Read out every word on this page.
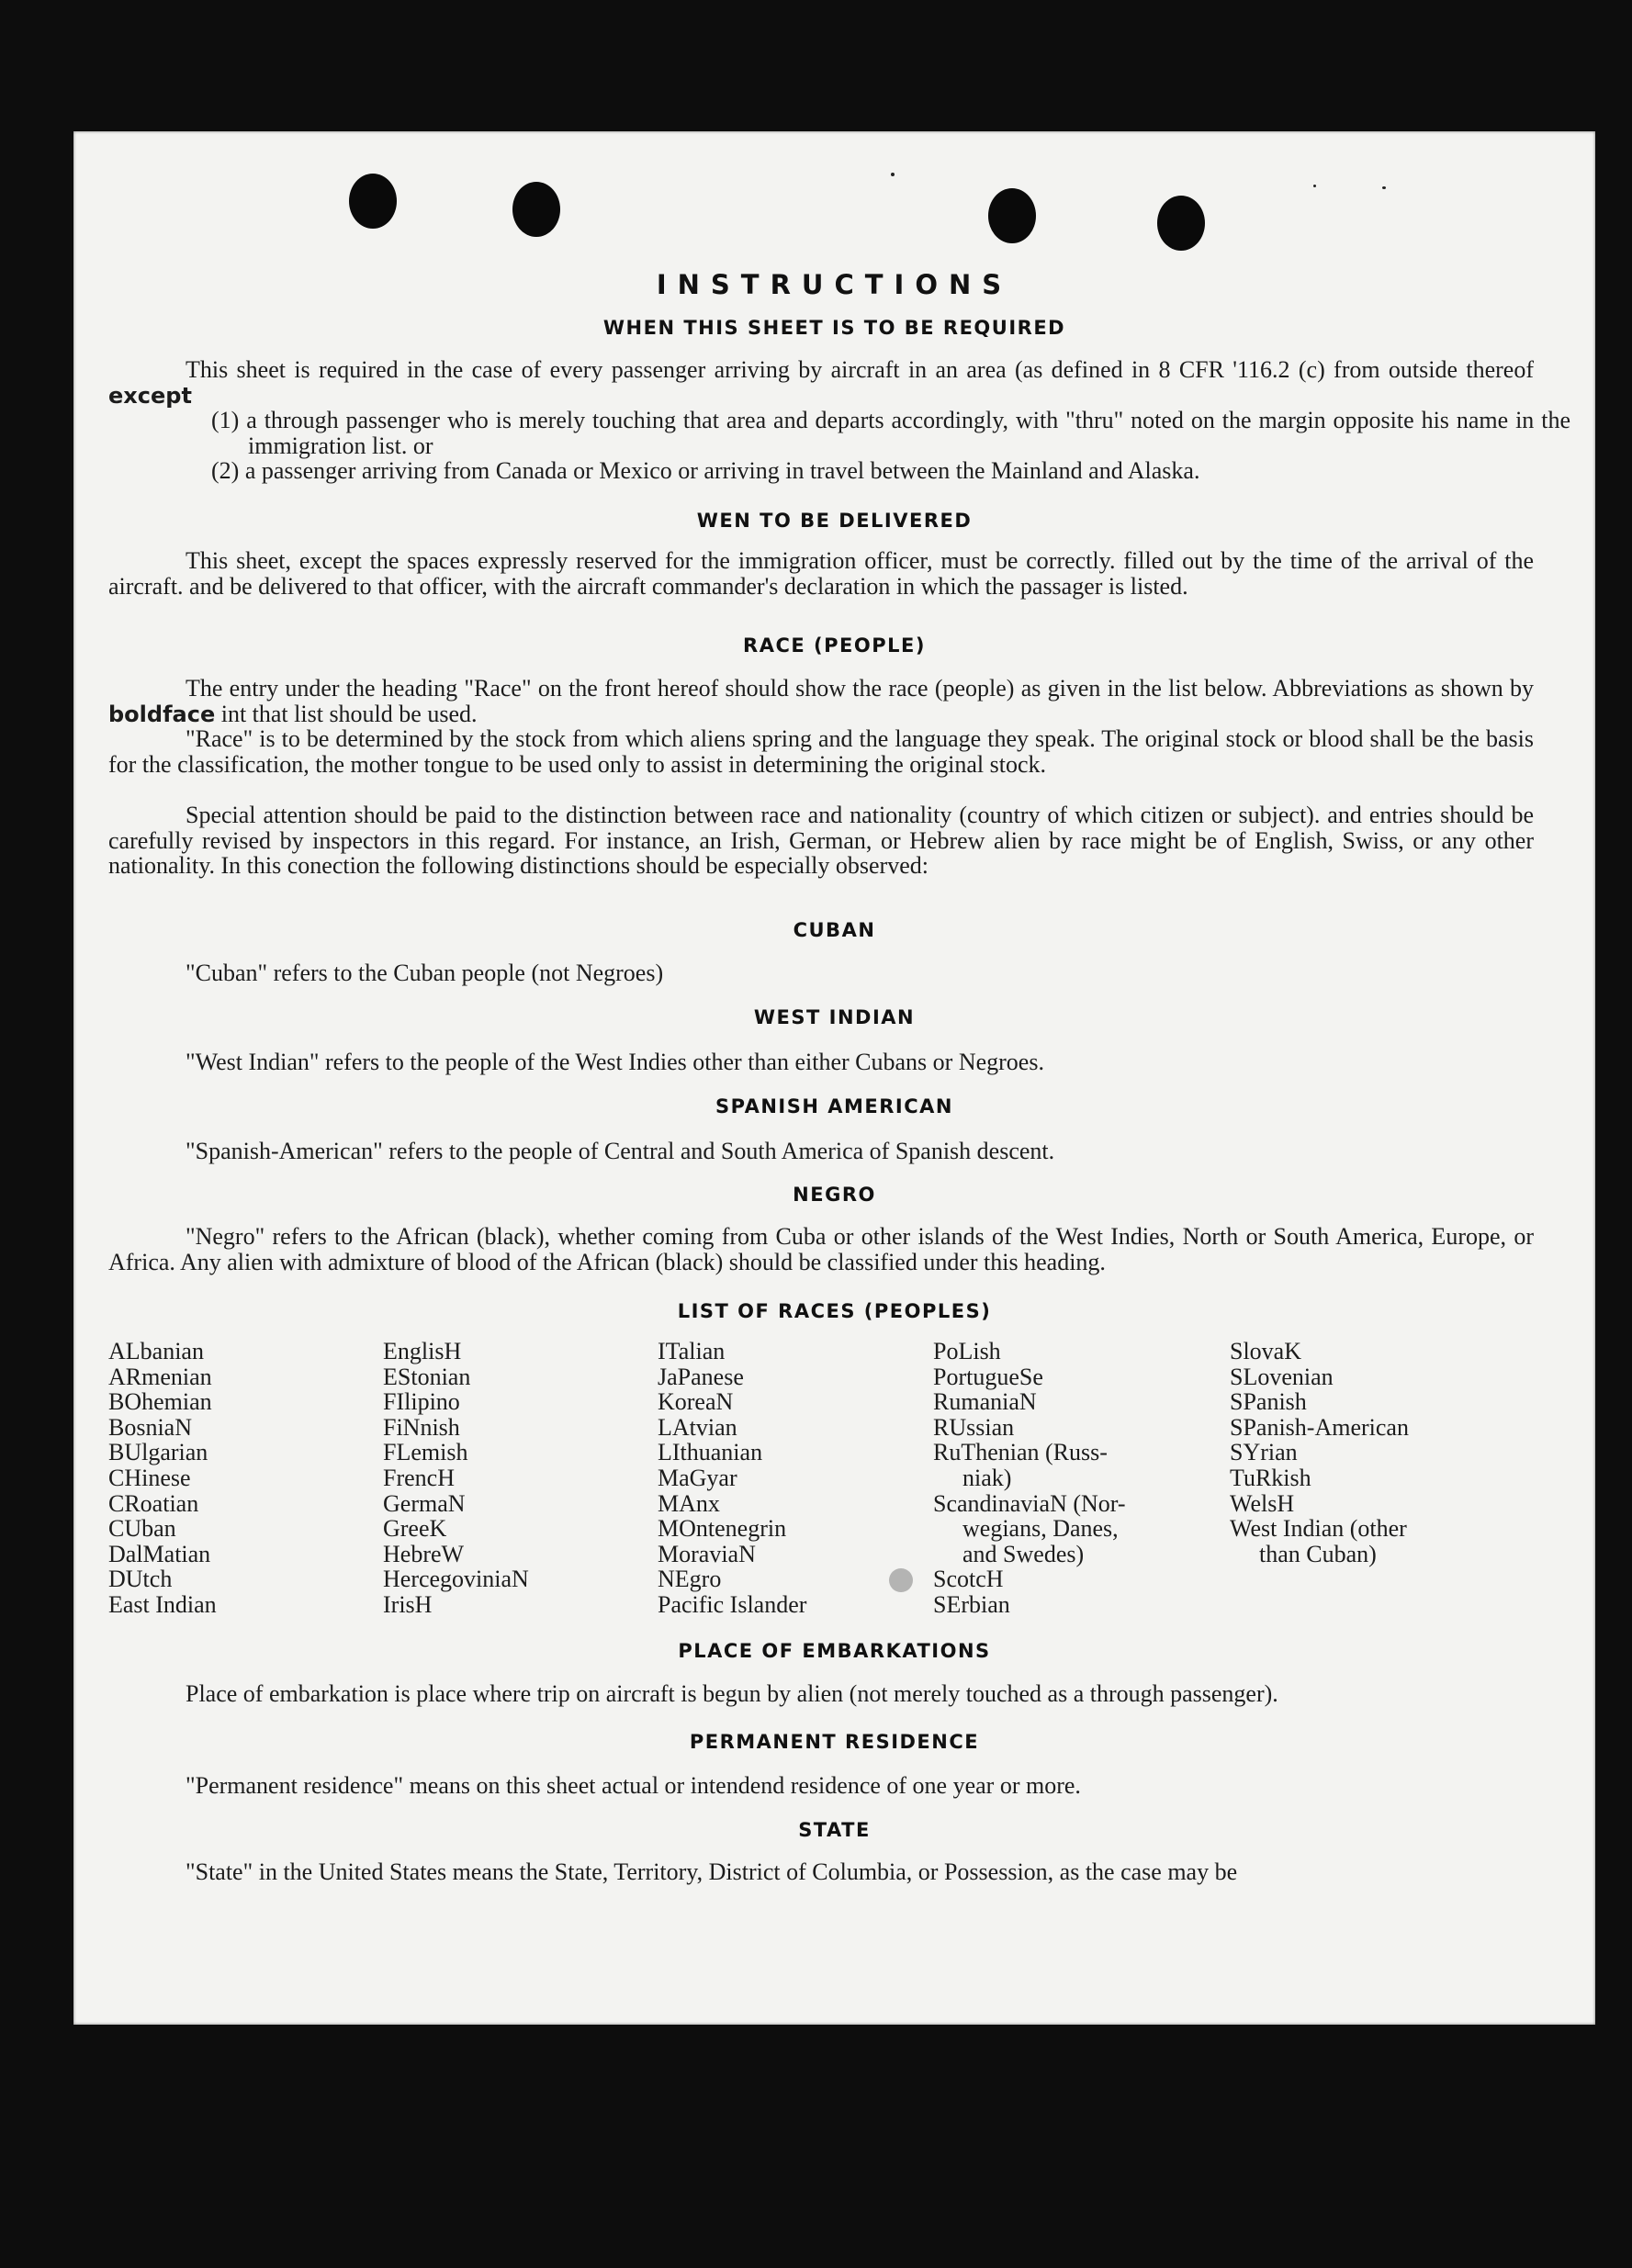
INSTRUCTIONS
WHEN THIS SHEET IS TO BE REQUIRED
This sheet is required in the case of every passenger arriving by aircraft in an area (as defined in 8 CFR '116.2 (c) from outside thereof except
(1) a through passenger who is merely touching that area and departs accordingly, with "thru" noted on the margin opposite his name in the immigration list. or
(2) a passenger arriving from Canada or Mexico or arriving in travel between the Mainland and Alaska.
WEN TO BE DELIVERED
This sheet, except the spaces expressly reserved for the immigration officer, must be correctly. filled out by the time of the arrival of the aircraft. and be delivered to that officer, with the aircraft commander's declaration in which the passager is listed.
RACE (PEOPLE)
The entry under the heading "Race" on the front hereof should show the race (people) as given in the list below. Abbreviations as shown by boldface int that list should be used.
"Race" is to be determined by the stock from which aliens spring and the language they speak. The original stock or blood shall be the basis for the classification, the mother tongue to be used only to assist in determining the original stock.
Special attention should be paid to the distinction between race and nationality (country of which citizen or subject). and entries should be carefully revised by inspectors in this regard. For instance, an Irish, German, or Hebrew alien by race might be of English, Swiss, or any other nationality. In this conection the following distinctions should be especially observed:
CUBAN
"Cuban" refers to the Cuban people (not Negroes)
WEST INDIAN
"West Indian" refers to the people of the West Indies other than either Cubans or Negroes.
SPANISH AMERICAN
"Spanish-American" refers to the people of Central and South America of Spanish descent.
NEGRO
"Negro" refers to the African (black), whether coming from Cuba or other islands of the West Indies, North or South America, Europe, or Africa. Any alien with admixture of blood of the African (black) should be classified under this heading.
LIST OF RACES (PEOPLES)
ALbanian
ARmenian
BOhemian
BosniaN
BUlgarian
CHinese
CRoatian
CUban
DalMatian
DUtch
East Indian
EnglisH
EStonian
FIlipino
FiNnish
FLemish
FrencH
GermaN
GreeK
HebreW
HercegoviniaN
IrisH
ITalian
JaPanese
KoreaN
LAtvian
LIthuanian
MaGyar
MAnx
MOntenegrin
MoraviaN
NEgro
Pacific Islander
PoLish
PortugueSe
RumaniaN
RUssian
RuThenian (Russ-
niak)
ScandinaviaN (Nor-
wegians, Danes,
and Swedes)
ScotcH
SErbian
SlovaK
SLovenian
SPanish
SPanish-American
SYrian
TuRkish
WelsH
West Indian (other
than Cuban)
PLACE OF EMBARKATIONS
Place of embarkation is place where trip on aircraft is begun by alien (not merely touched as a through passenger).
PERMANENT RESIDENCE
"Permanent residence" means on this sheet actual or intendend residence of one year or more.
STATE
"State" in the United States means the State, Territory, District of Columbia, or Possession, as the case may be
